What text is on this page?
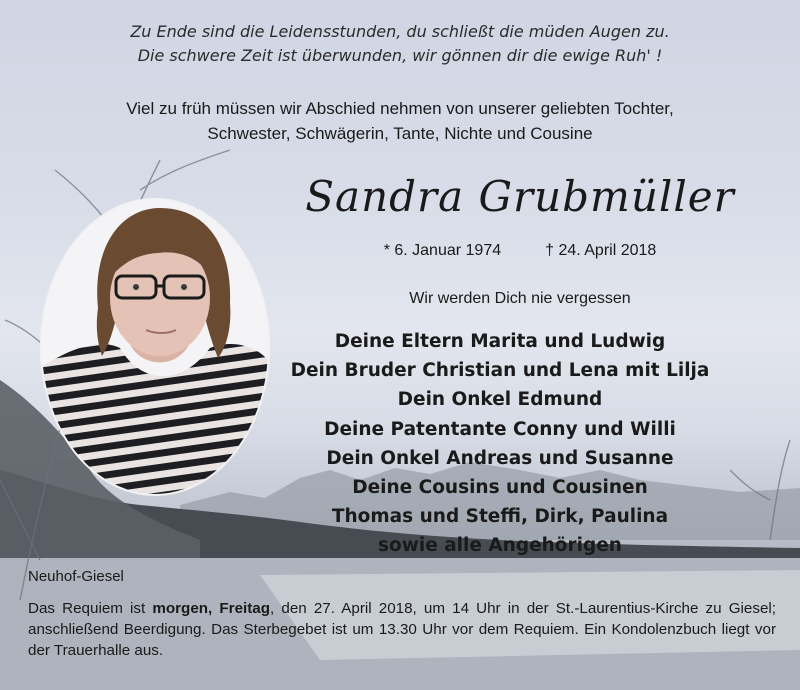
Zu Ende sind die Leidensstunden, du schließt die müden Augen zu.
Die schwere Zeit ist überwunden, wir gönnen dir die ewige Ruh' !
Viel zu früh müssen wir Abschied nehmen von unserer geliebten Tochter,
Schwester, Schwägerin, Tante, Nichte und Cousine
Sandra Grubmüller
* 6. Januar 1974	† 24. April 2018
Wir werden Dich nie vergessen
Deine Eltern Marita und Ludwig
Dein Bruder Christian und Lena mit Lilja
Dein Onkel Edmund
Deine Patentante Conny und Willi
Dein Onkel Andreas und Susanne
Deine Cousins und Cousinen
Thomas und Steffi, Dirk, Paulina
sowie alle Angehörigen
Neuhof-Giesel
Das Requiem ist morgen, Freitag, den 27. April 2018, um 14 Uhr in der St.-Laurentius-Kirche zu Giesel; anschließend Beerdigung. Das Sterbegebet ist um 13.30 Uhr vor dem Requiem. Ein Kondolenzbuch liegt vor der Trauerhalle aus.
